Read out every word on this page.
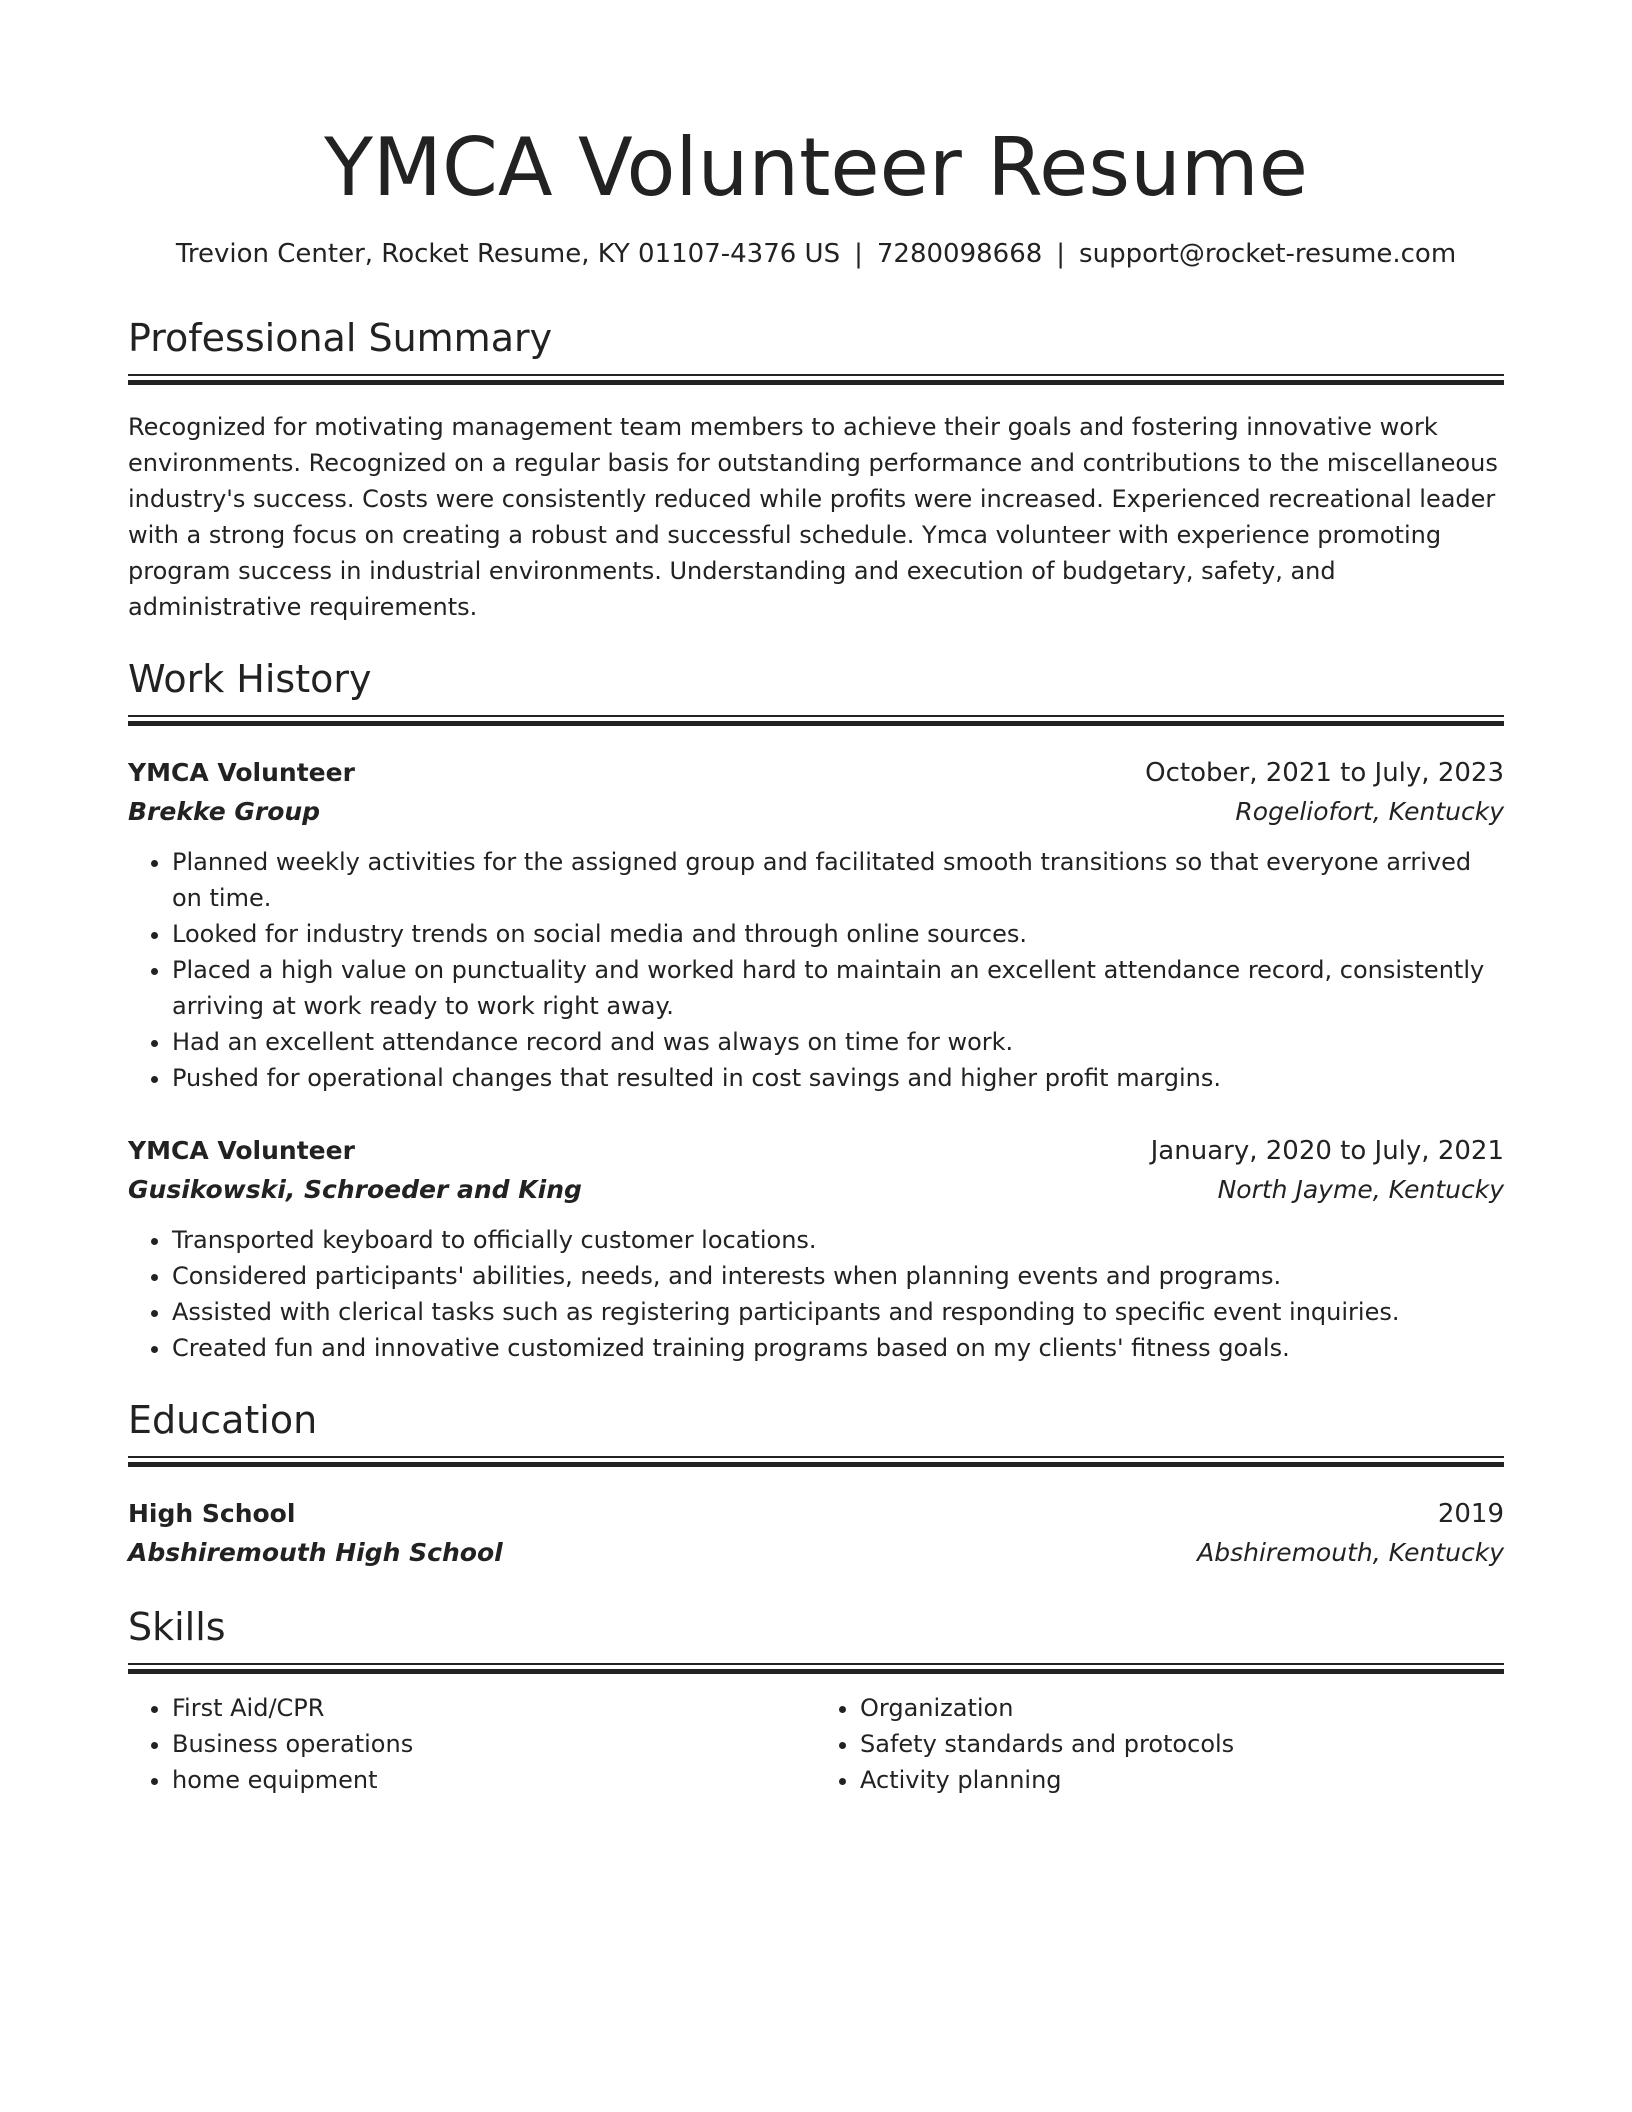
YMCA Volunteer Resume
Trevion Center, Rocket Resume, KY 01107-4376 US | 7280098668 | support@rocket-resume.com
Professional Summary
Recognized for motivating management team members to achieve their goals and fostering innovative work environments. Recognized on a regular basis for outstanding performance and contributions to the miscellaneous industry's success. Costs were consistently reduced while profits were increased. Experienced recreational leader with a strong focus on creating a robust and successful schedule. Ymca volunteer with experience promoting program success in industrial environments. Understanding and execution of budgetary, safety, and administrative requirements.
Work History
YMCA Volunteer	October, 2021 to July, 2023
Brekke Group	Rogeliofort, Kentucky
• Planned weekly activities for the assigned group and facilitated smooth transitions so that everyone arrived on time.
• Looked for industry trends on social media and through online sources.
• Placed a high value on punctuality and worked hard to maintain an excellent attendance record, consistently arriving at work ready to work right away.
• Had an excellent attendance record and was always on time for work.
• Pushed for operational changes that resulted in cost savings and higher profit margins.
YMCA Volunteer	January, 2020 to July, 2021
Gusikowski, Schroeder and King	North Jayme, Kentucky
• Transported keyboard to officially customer locations.
• Considered participants' abilities, needs, and interests when planning events and programs.
• Assisted with clerical tasks such as registering participants and responding to specific event inquiries.
• Created fun and innovative customized training programs based on my clients' fitness goals.
Education
High School	2019
Abshiremouth High School	Abshiremouth, Kentucky
Skills
• First Aid/CPR
• Business operations
• home equipment
• Organization
• Safety standards and protocols
• Activity planning
